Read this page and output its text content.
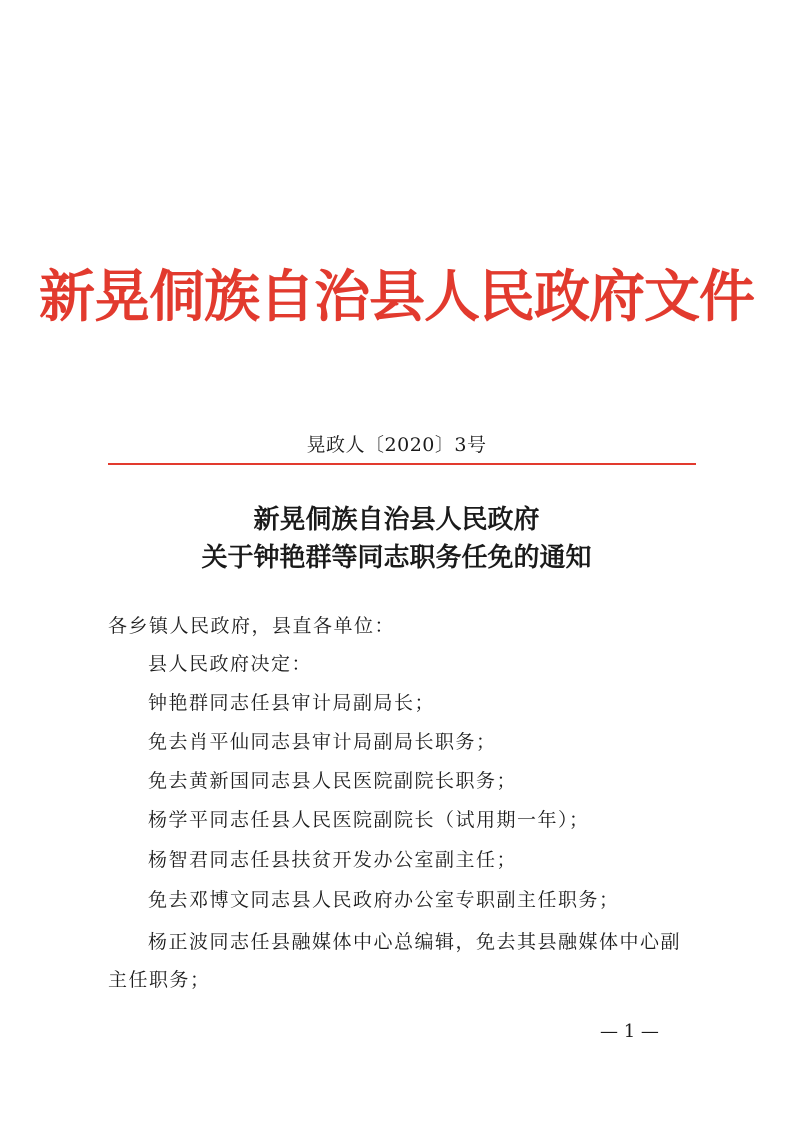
新晃侗族自治县人民政府文件
晃政人〔2020〕3号
新晃侗族自治县人民政府
关于钟艳群等同志职务任免的通知
各乡镇人民政府，县直各单位：
县人民政府决定：
钟艳群同志任县审计局副局长；
免去肖平仙同志县审计局副局长职务；
免去黄新国同志县人民医院副院长职务；
杨学平同志任县人民医院副院长（试用期一年）；
杨智君同志任县扶贫开发办公室副主任；
免去邓博文同志县人民政府办公室专职副主任职务；
杨正波同志任县融媒体中心总编辑，免去其县融媒体中心副
主任职务；
— 1 —
